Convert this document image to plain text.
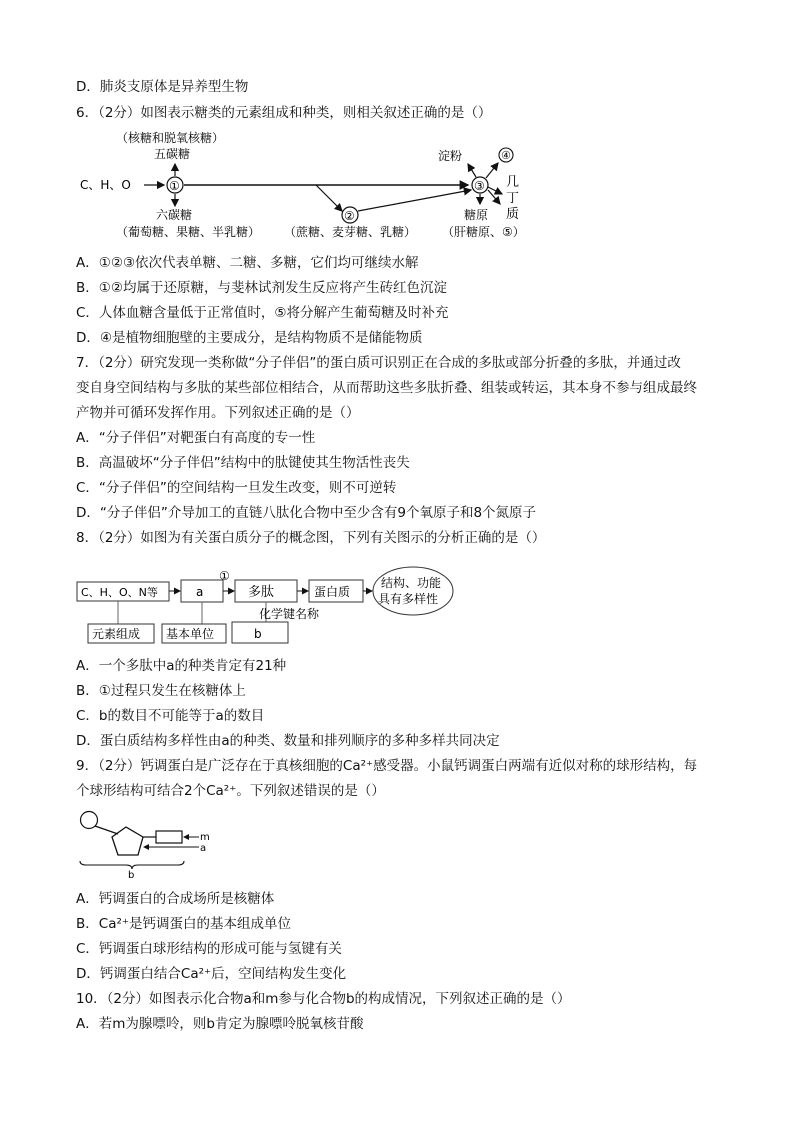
D．肺炎支原体是异养型生物
6．（2分）如图表示糖类的元素组成和种类，则相关叙述正确的是（）
（核糖和脱氧核糖）
五碳糖
C、H、O	①
六碳糖
（葡萄糖、果糖、半乳糖）
②
（蔗糖、麦芽糖、乳糖）
③
淀粉	④
糖原
（肝糖原、⑤）
几
丁
质
A．①②③依次代表单糖、二糖、多糖，它们均可继续水解
B．①②均属于还原糖，与斐林试剂发生反应将产生砖红色沉淀
C．人体血糖含量低于正常值时，⑤将分解产生葡萄糖及时补充
D．④是植物细胞壁的主要成分，是结构物质不是储能物质
7．（2分）研究发现一类称做“分子伴侣”的蛋白质可识别正在合成的多肽或部分折叠的多肽，并通过改
变自身空间结构与多肽的某些部位相结合，从而帮助这些多肽折叠、组装或转运，其本身不参与组成最终
产物并可循环发挥作用。下列叙述正确的是（）
A．“分子伴侣”对靶蛋白有高度的专一性
B．高温破坏“分子伴侣”结构中的肽键使其生物活性丧失
C．“分子伴侣”的空间结构一旦发生改变，则不可逆转
D．“分子伴侣”介导加工的直链八肽化合物中至少含有9个氧原子和8个氮原子
8．（2分）如图为有关蛋白质分子的概念图，下列有关图示的分析正确的是（）
C、H、O、N等	a
①
多肽	蛋白质
结构、功能
具有多样性
化学键名称
元素组成 基本单位	b
A．一个多肽中a的种类肯定有21种
B．①过程只发生在核糖体上
C．b的数目不可能等于a的数目
D．蛋白质结构多样性由a的种类、数量和排列顺序的多种多样共同决定
9．（2分）钙调蛋白是广泛存在于真核细胞的Ca²⁺感受器。小鼠钙调蛋白两端有近似对称的球形结构，每
个球形结构可结合2个Ca²⁺。下列叙述错误的是（）
m
a
b
A．钙调蛋白的合成场所是核糖体
B．Ca²⁺是钙调蛋白的基本组成单位
C．钙调蛋白球形结构的形成可能与氢键有关
D．钙调蛋白结合Ca²⁺后，空间结构发生变化
10．（2分）如图表示化合物a和m参与化合物b的构成情况，下列叙述正确的是（）
A．若m为腺嘌呤，则b肯定为腺嘌呤脱氧核苷酸
